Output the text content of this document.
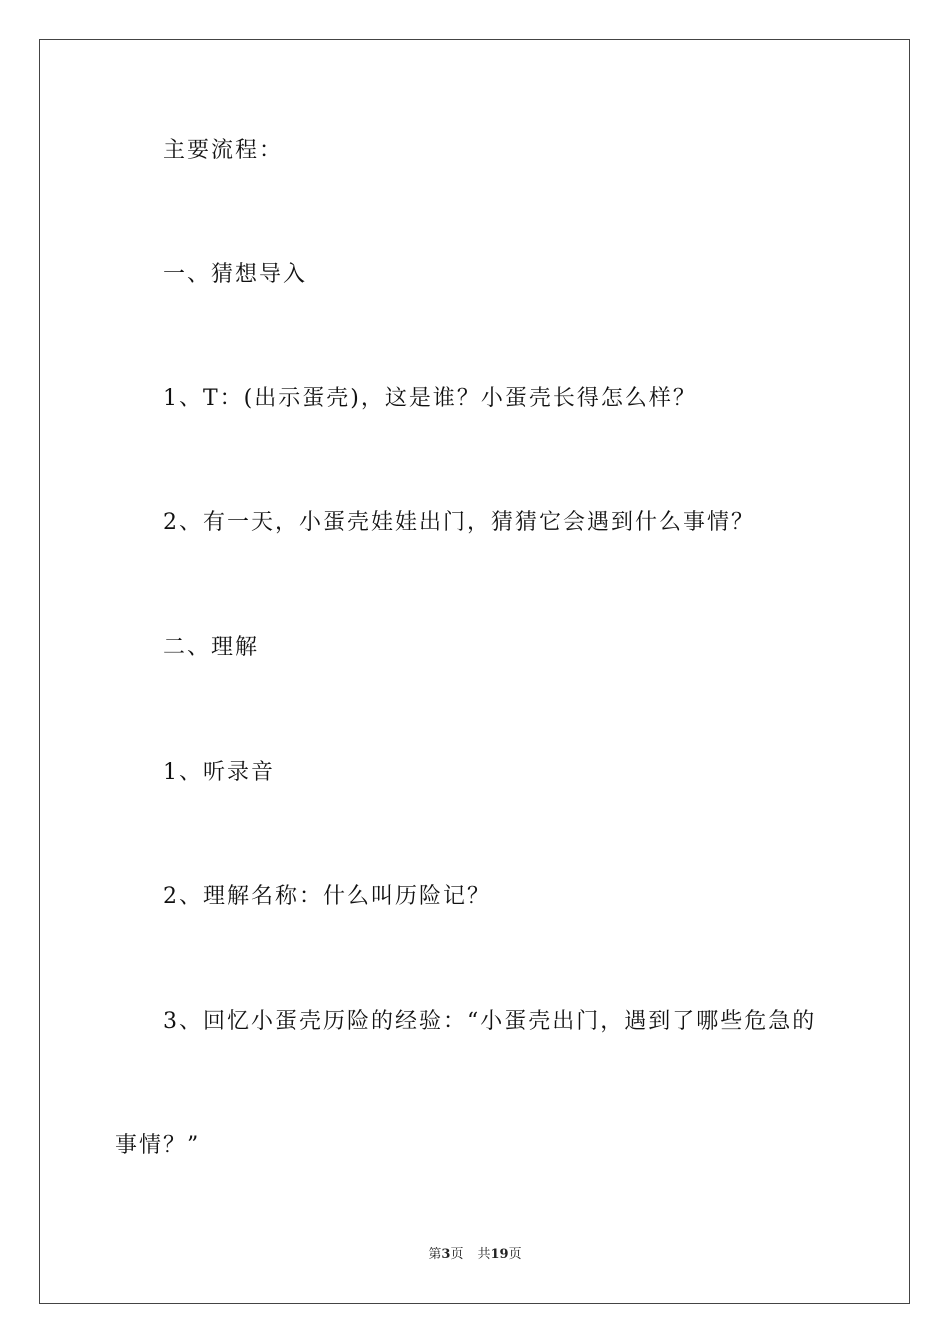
主要流程：
一、猜想导入
1、T：(出示蛋壳)，这是谁？小蛋壳长得怎么样？
2、有一天，小蛋壳娃娃出门，猜猜它会遇到什么事情？
二、理解
1、听录音
2、理解名称：什么叫历险记？
3、回忆小蛋壳历险的经验：“小蛋壳出门，遇到了哪些危急的
事情？”
第3页 共19页
